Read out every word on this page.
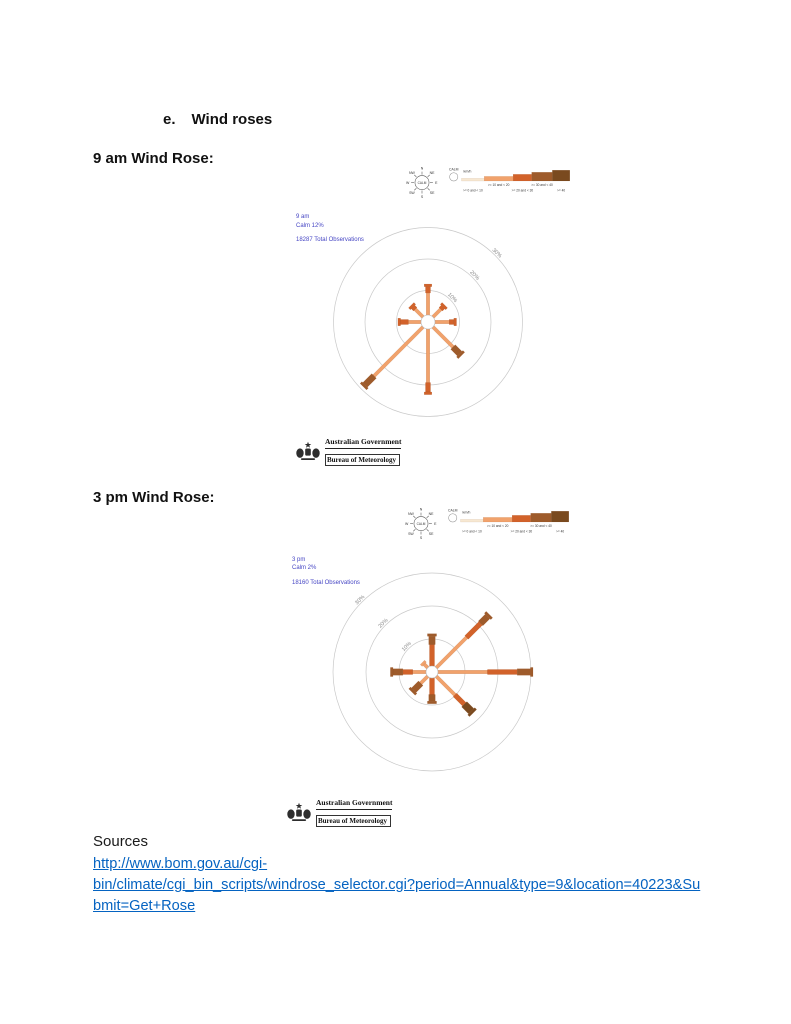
e. Wind roses
9 am Wind Rose:
CALM
N
NE
E
SE
S
SW
W
NW
CALM
km/h
>= 0 and < 10
>= 10 and < 20
>= 20 and < 30
>= 30 and < 40
>= 40

9 am

18287 Total Observations

Calm 12%
10%
20%
30%
Australian Government
Bureau of Meteorology
3 pm Wind Rose:
CALM
N
NE
E
SE
S
SW
W
NW
CALM
km/h
>= 0 and < 10
>= 10 and < 20
>= 20 and < 30
>= 30 and < 40
>= 40

3 pm

18160 Total Observations

Calm 2%
10%
20%
30%
Australian Government
Bureau of Meteorology
Sources
http://www.bom.gov.au/cgi-
bin/climate/cgi_bin_scripts/windrose_selector.cgi?period=Annual&type=9&location=40223&Su
bmit=Get+Rose
